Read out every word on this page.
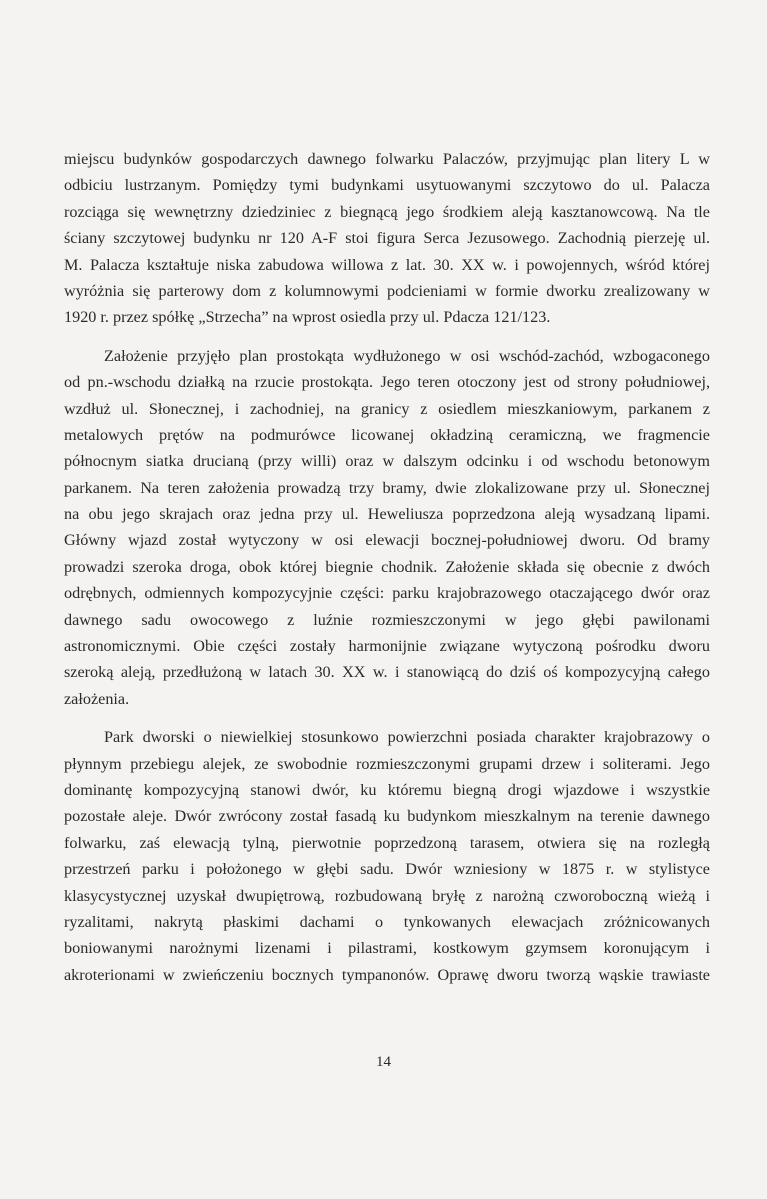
miejscu budynków gospodarczych dawnego folwarku Palaczów, przyjmując plan litery L w
odbiciu lustrzanym. Pomiędzy tymi budynkami usytuowanymi szczytowo do ul. Palacza
rozciąga się wewnętrzny dziedziniec z biegnącą jego środkiem aleją kasztanowcową. Na tle
ściany szczytowej budynku nr 120 A-F stoi figura Serca Jezusowego. Zachodnią pierzeję ul.
M. Palacza kształtuje niska zabudowa willowa z lat. 30. XX w. i powojennych, wśród której
wyróżnia się parterowy dom z kolumnowymi podcieniami w formie dworku zrealizowany w
1920 r. przez spółkę „Strzecha” na wprost osiedla przy ul. Pdacza 121/123.
Założenie przyjęło plan prostokąta wydłużonego w osi wschód-zachód, wzbogaconego
od pn.-wschodu działką na rzucie prostokąta. Jego teren otoczony jest od strony południowej,
wzdłuż ul. Słonecznej, i zachodniej, na granicy z osiedlem mieszkaniowym, parkanem z
metalowych prętów na podmurówce licowanej okładziną ceramiczną, we fragmencie
północnym siatka drucianą (przy willi) oraz w dalszym odcinku i od wschodu betonowym
parkanem. Na teren założenia prowadzą trzy bramy, dwie zlokalizowane przy ul. Słonecznej
na obu jego skrajach oraz jedna przy ul. Heweliusza poprzedzona aleją wysadzaną lipami.
Główny wjazd został wytyczony w osi elewacji bocznej-południowej dworu. Od bramy
prowadzi szeroka droga, obok której biegnie chodnik. Założenie składa się obecnie z dwóch
odrębnych, odmiennych kompozycyjnie części: parku krajobrazowego otaczającego dwór oraz
dawnego sadu owocowego z luźnie rozmieszczonymi w jego głębi pawilonami
astronomicznymi. Obie części zostały harmonijnie związane wytyczoną pośrodku dworu
szeroką aleją, przedłużoną w latach 30. XX w. i stanowiącą do dziś oś kompozycyjną całego
założenia.
Park dworski o niewielkiej stosunkowo powierzchni posiada charakter krajobrazowy o
płynnym przebiegu alejek, ze swobodnie rozmieszczonymi grupami drzew i soliterami. Jego
dominantę kompozycyjną stanowi dwór, ku któremu biegną drogi wjazdowe i wszystkie
pozostałe aleje. Dwór zwrócony został fasadą ku budynkom mieszkalnym na terenie dawnego
folwarku, zaś elewacją tylną, pierwotnie poprzedzoną tarasem, otwiera się na rozległą
przestrzeń parku i położonego w głębi sadu. Dwór wzniesiony w 1875 r. w stylistyce
klasycystycznej uzyskał dwupiętrową, rozbudowaną bryłę z narożną czworoboczną wieżą i
ryzalitami, nakrytą płaskimi dachami o tynkowanych elewacjach zróżnicowanych
boniowanymi narożnymi lizenami i pilastrami, kostkowym gzymsem koronującym i
akroterionami w zwieńczeniu bocznych tympanonów. Oprawę dworu tworzą wąskie trawiaste
14
